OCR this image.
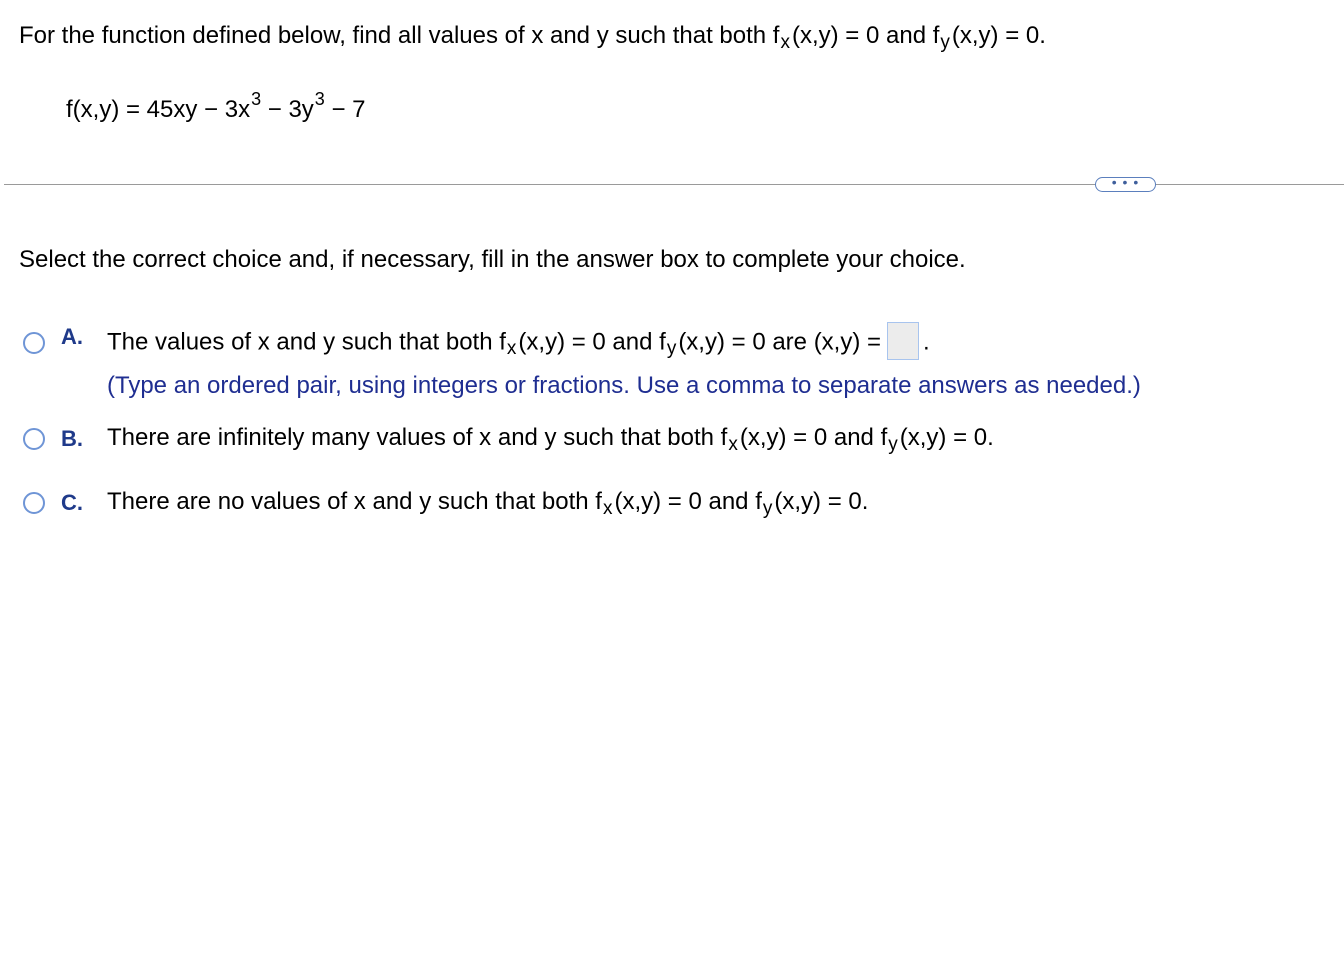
For the function defined below, find all values of x and y such that both $f_x(x,y) = 0$ and $f_y(x,y) = 0$.
$f(x,y) = 45xy - 3x^3 - 3y^3 - 7$
• • •
Select the correct choice and, if necessary, fill in the answer box to complete your choice.
A.	The values of x and y such that both $f_x(x,y) = 0$ and $f_y(x,y) = 0$ are (x,y) = .
(Type an ordered pair, using integers or fractions. Use a comma to separate answers as needed.)
B.	There are infinitely many values of x and y such that both $f_x(x,y) = 0$ and $f_y(x,y) = 0$.
C.	There are no values of x and y such that both $f_x(x,y) = 0$ and $f_y(x,y) = 0$.
